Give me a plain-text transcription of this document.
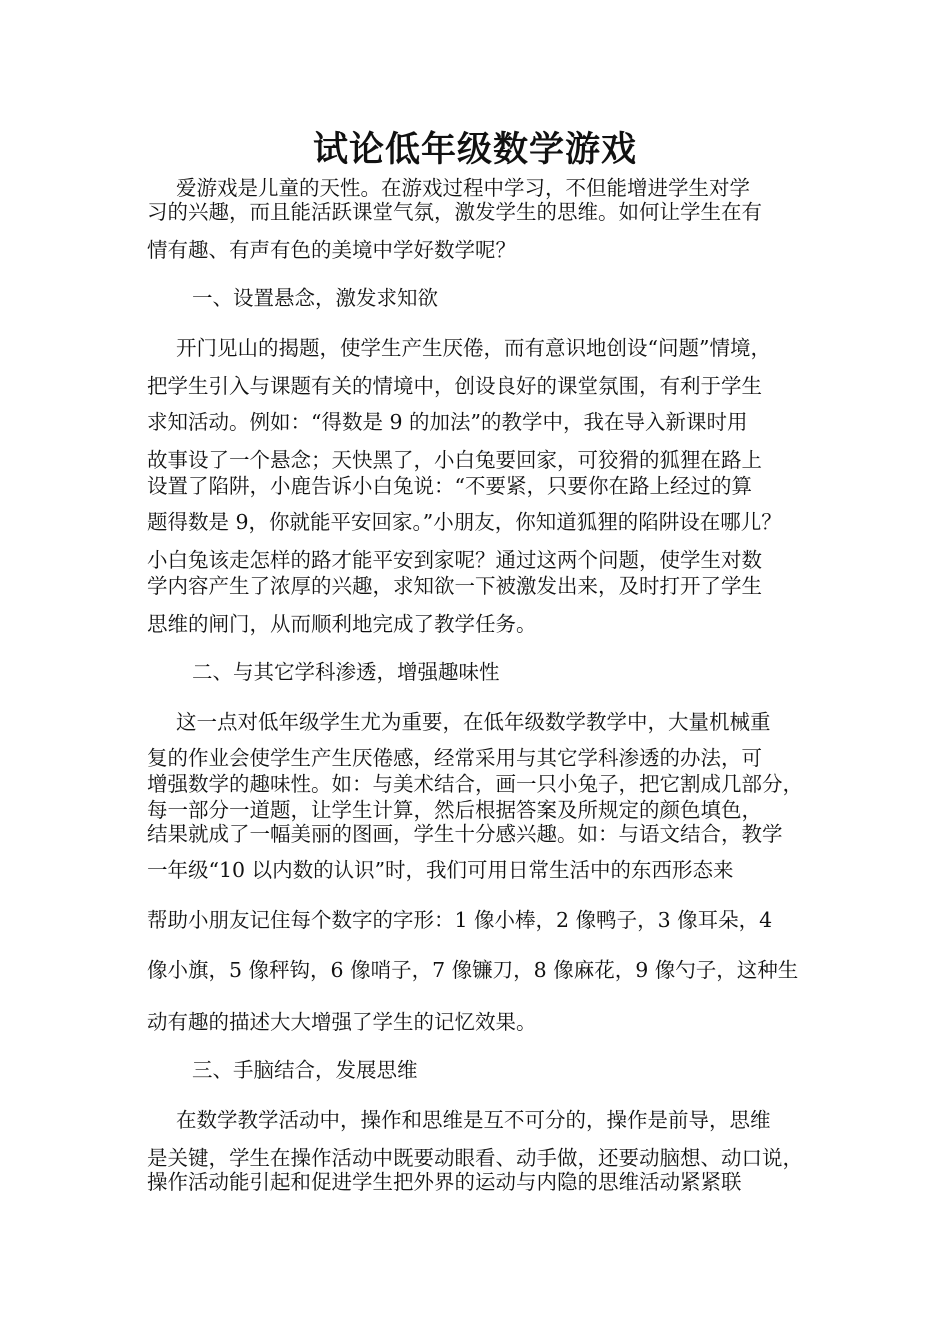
试论低年级数学游戏
爱游戏是儿童的天性。在游戏过程中学习，不但能增进学生对学
习的兴趣，而且能活跃课堂气氛，激发学生的思维。如何让学生在有
情有趣、有声有色的美境中学好数学呢？
一、设置悬念，激发求知欲
开门见山的揭题，使学生产生厌倦，而有意识地创设“问题”情境，
把学生引入与课题有关的情境中，创设良好的课堂氛围，有利于学生
求知活动。例如：“得数是 9 的加法”的教学中，我在导入新课时用
故事设了一个悬念；天快黑了，小白兔要回家，可狡猾的狐狸在路上
设置了陷阱，小鹿告诉小白兔说：“不要紧，只要你在路上经过的算
题得数是 9，你就能平安回家。”小朋友，你知道狐狸的陷阱设在哪儿？
小白兔该走怎样的路才能平安到家呢？通过这两个问题，使学生对数
学内容产生了浓厚的兴趣，求知欲一下被激发出来，及时打开了学生
思维的闸门，从而顺利地完成了教学任务。
二、与其它学科渗透，增强趣味性
这一点对低年级学生尤为重要，在低年级数学教学中，大量机械重
复的作业会使学生产生厌倦感，经常采用与其它学科渗透的办法，可
增强数学的趣味性。如：与美术结合，画一只小兔子，把它割成几部分，
每一部分一道题，让学生计算，然后根据答案及所规定的颜色填色，
结果就成了一幅美丽的图画，学生十分感兴趣。如：与语文结合，教学
一年级“10 以内数的认识”时，我们可用日常生活中的东西形态来
帮助小朋友记住每个数字的字形：1 像小棒，2 像鸭子，3 像耳朵，4
像小旗，5 像秤钩，6 像哨子，7 像镰刀，8 像麻花，9 像勺子，这种生
动有趣的描述大大增强了学生的记忆效果。
三、手脑结合，发展思维
在数学教学活动中，操作和思维是互不可分的，操作是前导，思维
是关键，学生在操作活动中既要动眼看、动手做，还要动脑想、动口说，
操作活动能引起和促进学生把外界的运动与内隐的思维活动紧紧联
